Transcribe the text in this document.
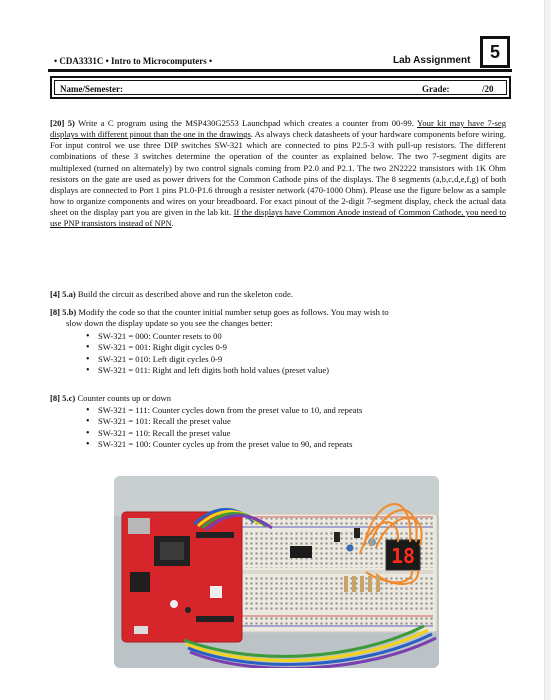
• CDA3331C • Intro to Microcomputers •	Lab Assignment	5
Name/Semester:	Grade:	/20
[20] 5) Write a C program using the MSP430G2553 Launchpad which creates a counter from 00-99. Your kit may have 7-seg displays with different pinout than the one in the drawings. As always check datasheets of your hardware components before wiring. For input control we use three DIP switches SW-321 which are connected to pins P2.5-3 with pull-up resistors. The different combinations of these 3 switches determine the operation of the counter as explained below. The two 7-segment digits are multiplexed (turned on alternately) by two control signals coming from P2.0 and P2.1. The two 2N2222 transistors with 1K Ohm resistors on the gate are used as power drivers for the Common Cathode pins of the displays. The 8 segments (a,b,c,d,e,f,g) of both displays are connected to Port 1 pins P1.0-P1.6 through a resister network (470-1000 Ohm). Please use the figure below as a sample how to organize components and wires on your breadboard. For exact pinout of the 2-digit 7-segment display, check the actual data sheet on the display part you are given in the lab kit. If the displays have Common Anode instead of Common Cathode, you need to use PNP transistors instead of NPN.
[4] 5.a) Build the circuit as described above and run the skeleton code.
[8] 5.b) Modify the code so that the counter initial number setup goes as follows. You may wish to
slow down the display update so you see the changes better:
• SW-321 = 000: Counter resets to 00
• SW-321 = 001: Right digit cycles 0-9
• SW-321 = 010: Left digit cycles 0-9
• SW-321 = 011: Right and left digits both hold values (preset value)
[8] 5.c) Counter counts up or down
• SW-321 = 111: Counter cycles down from the preset value to 10, and repeats
• SW-321 = 101: Recall the preset value
• SW-321 = 110: Recall the preset value
• SW-321 = 100: Counter cycles up from the preset value to 90, and repeats
18
